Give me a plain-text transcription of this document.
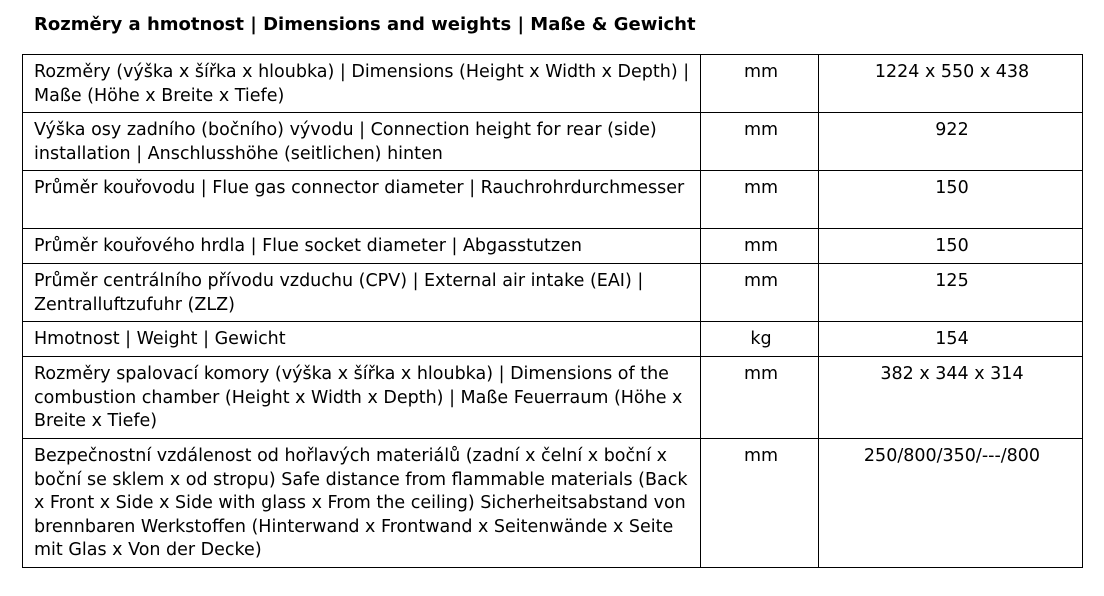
Rozměry a hmotnost | Dimensions and weights | Maße & Gewicht
Rozměry (výška x šířka x hloubka) | Dimensions (Height x Width x Depth) | Maße (Höhe x Breite x Tiefe)	mm	1224 x 550 x 438
Výška osy zadního (bočního) vývodu | Connection height for rear (side) installation | Anschlusshöhe (seitlichen) hinten	mm	922
Průměr kouřovodu | Flue gas connector diameter | Rauchrohrdurchmesser	mm	150
Průměr kouřového hrdla | Flue socket diameter | Abgasstutzen	mm	150
Průměr centrálního přívodu vzduchu (CPV) | External air intake (EAI) | Zentralluftzufuhr (ZLZ)	mm	125
Hmotnost | Weight | Gewicht	kg	154
Rozměry spalovací komory (výška x šířka x hloubka) | Dimensions of the combustion chamber (Height x Width x Depth) | Maße Feuerraum (Höhe x Breite x Tiefe)	mm	382 x 344 x 314
Bezpečnostní vzdálenost od hořlavých materiálů (zadní x čelní x boční x boční se sklem x od stropu) Safe distance from flammable materials (Back x Front x Side x Side with glass x From the ceiling) Sicherheitsabstand von brennbaren Werkstoffen (Hinterwand x Frontwand x Seitenwände x Seite mit Glas x Von der Decke)	mm	250/800/350/---/800
